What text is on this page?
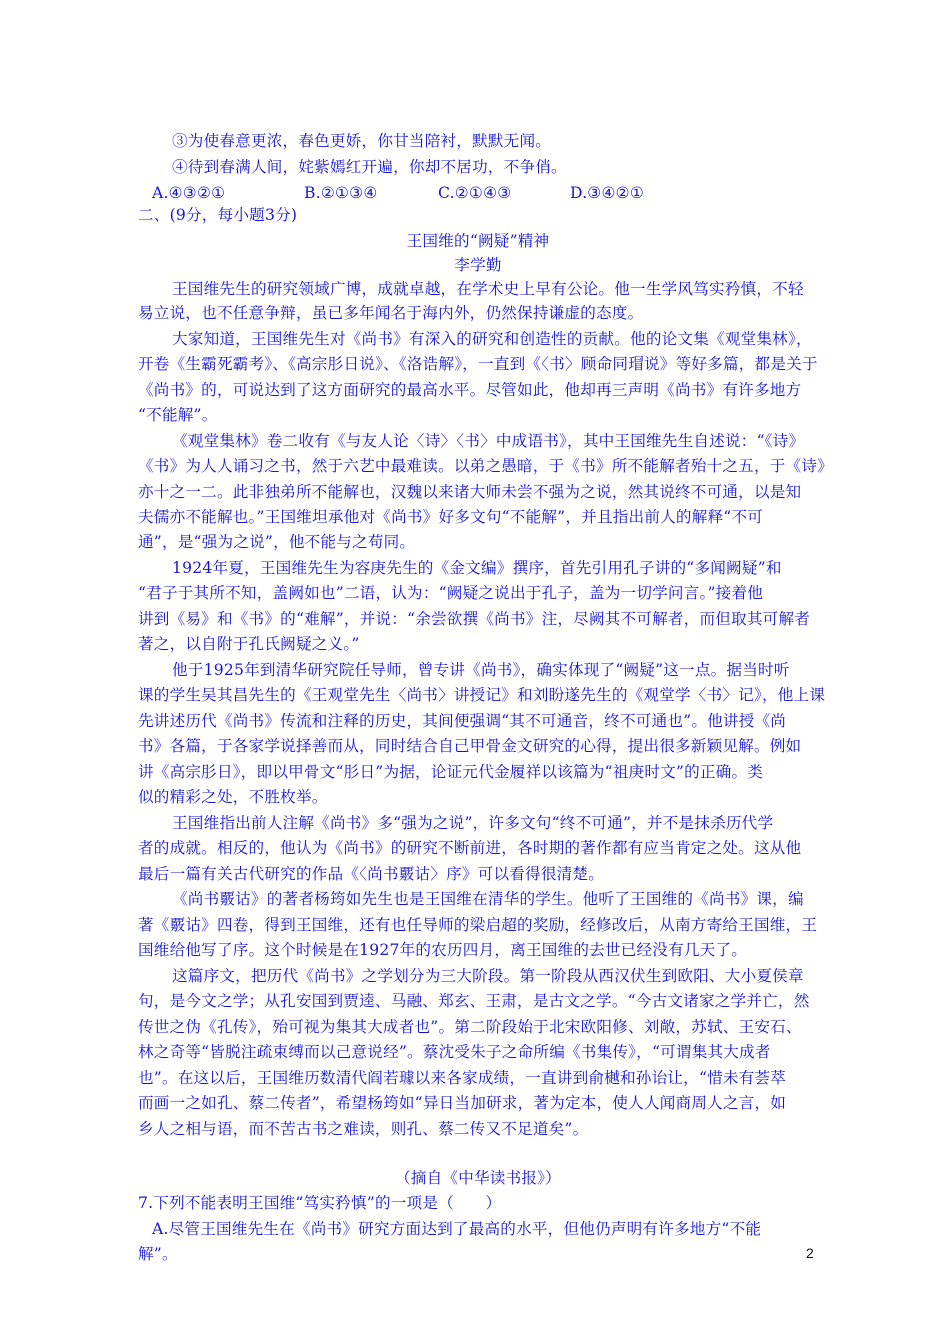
③为使春意更浓，春色更娇，你甘当陪衬，默默无闻。
④待到春满人间，姹紫嫣红开遍，你却不居功，不争俏。
A.④③②①	B.②①③④	C.②①④③	D.③④②①
二、(9分，每小题3分)
王国维的“阙疑”精神
李学勤
王国维先生的研究领域广博，成就卓越，在学术史上早有公论。他一生学风笃实矜慎，不轻
易立说，也不任意争辩，虽已多年闻名于海内外，仍然保持谦虚的态度。
大家知道，王国维先生对《尚书》有深入的研究和创造性的贡献。他的论文集《观堂集林》，
开卷《生霸死霸考》、《高宗肜日说》、《洛诰解》，一直到《〈书〉顾命同瑁说》等好多篇，都是关于
《尚书》的，可说达到了这方面研究的最高水平。尽管如此，他却再三声明《尚书》有许多地方
“不能解”。
《观堂集林》卷二收有《与友人论〈诗〉〈书〉中成语书》，其中王国维先生自述说：“《诗》
《书》为人人诵习之书，然于六艺中最难读。以弟之愚暗，于《书》所不能解者殆十之五，于《诗》
亦十之一二。此非独弟所不能解也，汉魏以来诸大师未尝不强为之说，然其说终不可通，以是知
夫儒亦不能解也。”王国维坦承他对《尚书》好多文句“不能解”，并且指出前人的解释“不可
通”，是“强为之说”，他不能与之苟同。
1924年夏，王国维先生为容庚先生的《金文编》撰序，首先引用孔子讲的“多闻阙疑”和
“君子于其所不知，盖阙如也”二语，认为：“阙疑之说出于孔子，盖为一切学问言。”接着他
讲到《易》和《书》的“难解”，并说：“余尝欲撰《尚书》注，尽阙其不可解者，而但取其可解者
著之，以自附于孔氏阙疑之义。”
他于1925年到清华研究院任导师，曾专讲《尚书》，确实体现了“阙疑”这一点。据当时听
课的学生吴其昌先生的《王观堂先生〈尚书〉讲授记》和刘盼遂先生的《观堂学〈书〉记》，他上课
先讲述历代《尚书》传流和注释的历史，其间便强调“其不可通音，终不可通也”。他讲授《尚
书》各篇，于各家学说择善而从，同时结合自己甲骨金文研究的心得，提出很多新颖见解。例如
讲《高宗肜日》，即以甲骨文“肜日”为据，论证元代金履祥以该篇为“祖庚时文”的正确。类
似的精彩之处，不胜枚举。
王国维指出前人注解《尚书》多“强为之说”，许多文句“终不可通”，并不是抹杀历代学
者的成就。相反的，他认为《尚书》的研究不断前进，各时期的著作都有应当肯定之处。这从他
最后一篇有关古代研究的作品《〈尚书覈诂〉序》可以看得很清楚。
《尚书覈诂》的著者杨筠如先生也是王国维在清华的学生。他听了王国维的《尚书》课，编
著《覈诂》四卷，得到王国维，还有也任导师的梁启超的奖励，经修改后，从南方寄给王国维，王
国维给他写了序。这个时候是在1927年的农历四月，离王国维的去世已经没有几天了。
这篇序文，把历代《尚书》之学划分为三大阶段。第一阶段从西汉伏生到欧阳、大小夏侯章
句，是今文之学；从孔安国到贾逵、马融、郑玄、王肃，是古文之学。“今古文诸家之学并亡，然
传世之伪《孔传》，殆可视为集其大成者也”。第二阶段始于北宋欧阳修、刘敞，苏轼、王安石、
林之奇等“皆脱注疏束缚而以己意说经”。蔡沈受朱子之命所编《书集传》，“可谓集其大成者
也”。在这以后，王国维历数清代阎若璩以来各家成绩，一直讲到俞樾和孙诒让，“惜未有荟萃
而画一之如孔、蔡二传者”，希望杨筠如“异日当加研求，著为定本，使人人闻商周人之言，如
乡人之相与语，而不苦古书之难读，则孔、蔡二传又不足道矣”。
（摘自《中华读书报》）
7.下列不能表明王国维“笃实矜慎”的一项是（　　）
A.尽管王国维先生在《尚书》研究方面达到了最高的水平，但他仍声明有许多地方“不能
解”。	2
